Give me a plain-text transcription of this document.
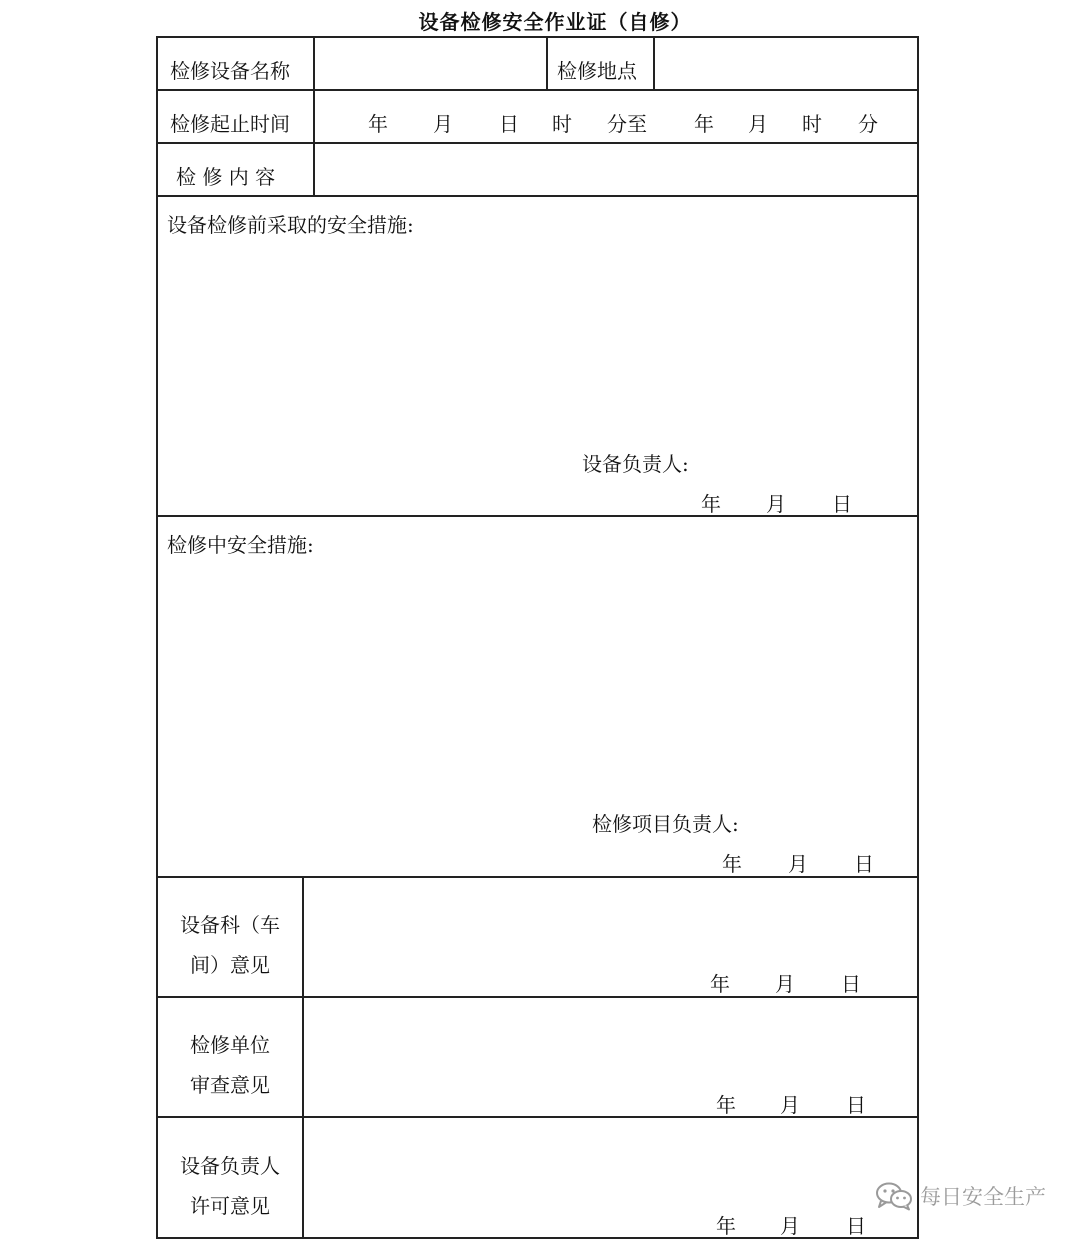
设备检修安全作业证（自修）
检修设备名称	检修地点
检修起止时间	年 月 日 时 分至 年 月 时 分
检 修 内 容
设备检修前采取的安全措施:
设备负责人:
年 月 日
检修中安全措施:
检修项目负责人:
年 月 日
设备科（车
间）意见
年 月 日
检修单位
审查意见
年 月 日
设备负责人
许可意见
年 月 日
每日安全生产
